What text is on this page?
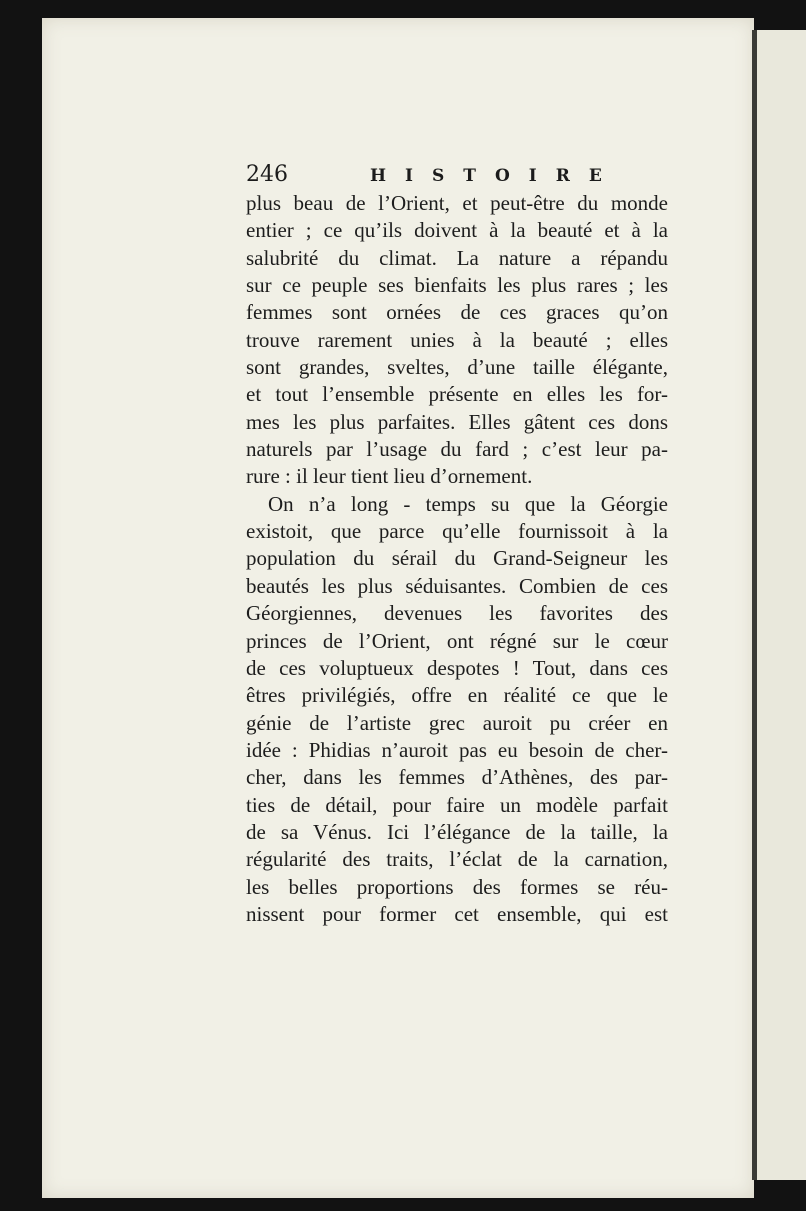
246	HISTOIRE
plus beau de l’Orient, et peut-être du monde
entier ; ce qu’ils doivent à la beauté et à la
salubrité du climat. La nature a répandu
sur ce peuple ses bienfaits les plus rares ; les
femmes sont ornées de ces graces qu’on
trouve rarement unies à la beauté ; elles
sont grandes, sveltes, d’une taille élégante,
et tout l’ensemble présente en elles les for-
mes les plus parfaites. Elles gâtent ces dons
naturels par l’usage du fard ; c’est leur pa-
rure : il leur tient lieu d’ornement.
On n’a long - temps su que la Géorgie
existoit, que parce qu’elle fournissoit à la
population du sérail du Grand-Seigneur les
beautés les plus séduisantes. Combien de ces
Géorgiennes, devenues les favorites des
princes de l’Orient, ont régné sur le cœur
de ces voluptueux despotes ! Tout, dans ces
êtres privilégiés, offre en réalité ce que le
génie de l’artiste grec auroit pu créer en
idée : Phidias n’auroit pas eu besoin de cher-
cher, dans les femmes d’Athènes, des par-
ties de détail, pour faire un modèle parfait
de sa Vénus. Ici l’élégance de la taille, la
régularité des traits, l’éclat de la carnation,
les belles proportions des formes se réu-
nissent pour former cet ensemble, qui est
